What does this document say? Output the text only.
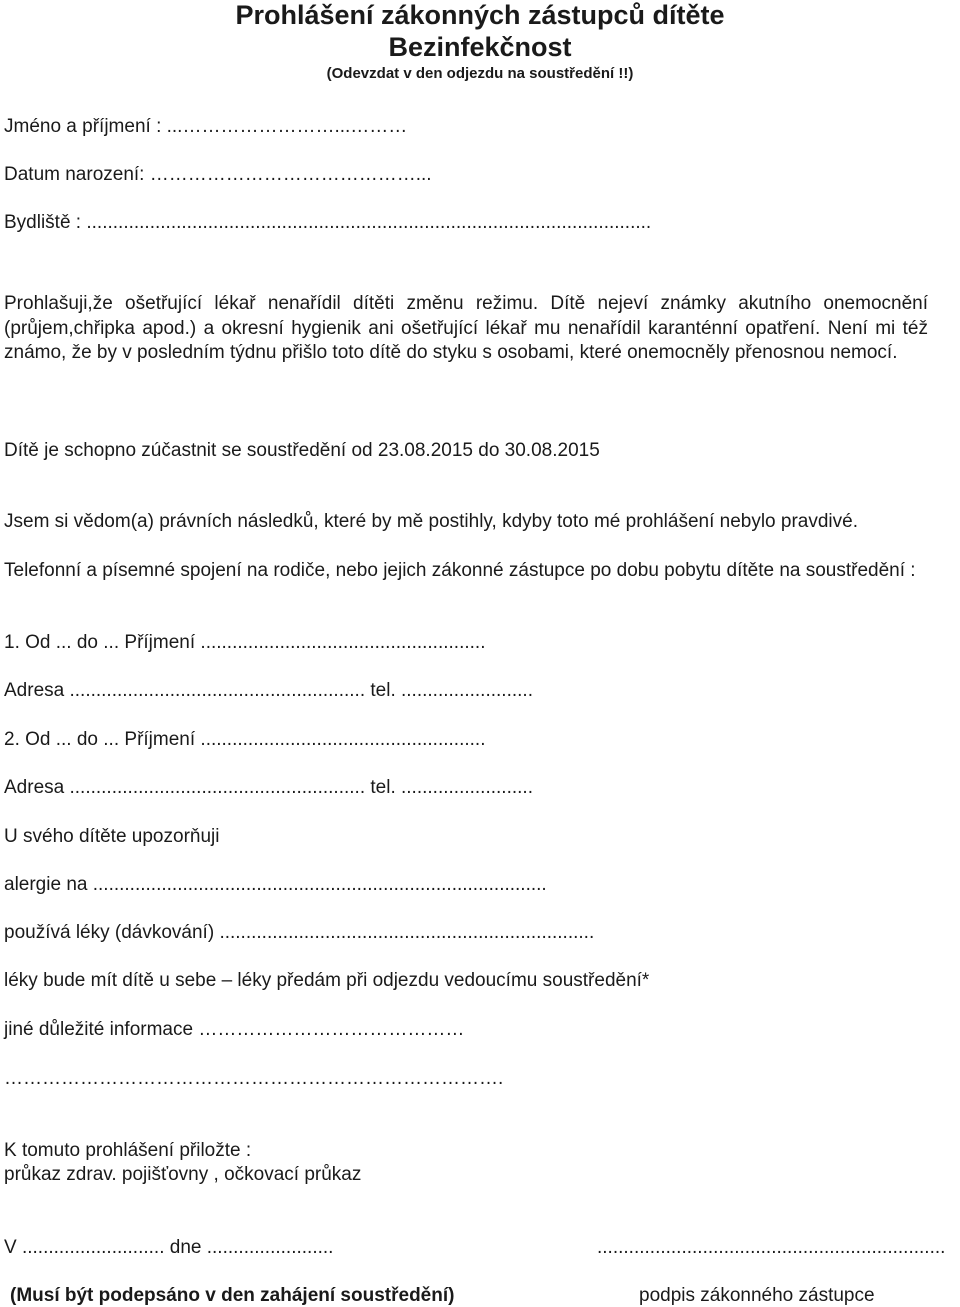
Prohlášení zákonných zástupců dítěte
Bezinfekčnost
(Odevzdat v den odjezdu na soustředění !!)
Jméno a příjmení : ...……………………...………
Datum narození: ……………………………………...
Bydliště : ...........................................................................................................
Prohlašuji,že ošetřující lékař nenařídil dítěti změnu režimu. Dítě nejeví známky akutního onemocnění (průjem,chřipka apod.) a okresní hygienik ani ošetřující lékař mu nenařídil karanténní opatření. Není mi též známo, že by v posledním týdnu přišlo toto dítě do styku s osobami, které onemocněly přenosnou nemocí.
Dítě je schopno zúčastnit se soustředění od 23.08.2015 do 30.08.2015
Jsem si vědom(a) právních následků, které by mě postihly, kdyby toto mé prohlášení nebylo pravdivé.
Telefonní a písemné spojení na rodiče, nebo jejich zákonné zástupce po dobu pobytu dítěte na soustředění :
1. Od ... do ... Příjmení ......................................................
Adresa ........................................................ tel. .........................
2. Od ... do ... Příjmení ......................................................
Adresa ........................................................ tel. .........................
U svého dítěte upozorňuji
alergie na ......................................................................................
používá léky (dávkování) .......................................................................
léky bude mít dítě u sebe – léky předám při odjezdu vedoucímu soustředění*
jiné důležité informace ……………………………………
…………………………………………………………………….
K tomuto prohlášení přiložte :
průkaz zdrav. pojišťovny , očkovací průkaz
V ........................... dne ........................	..................................................................
(Musí být podepsáno v den zahájení soustředění)	podpis zákonného zástupce
